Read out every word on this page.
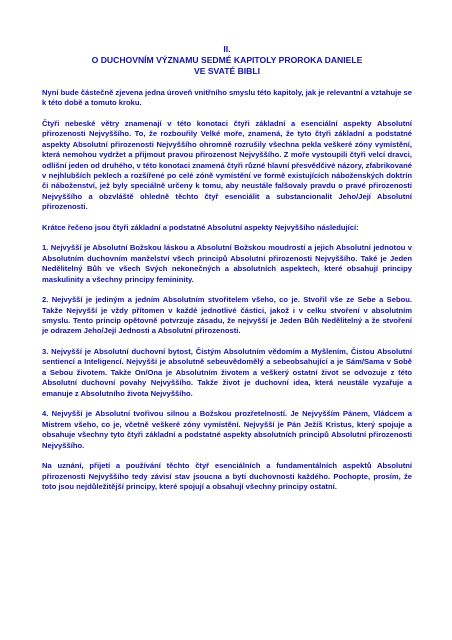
II.
O DUCHOVNÍM VÝZNAMU SEDMÉ KAPITOLY PROROKA DANIELE
VE SVATÉ BIBLI

Nyní bude částečně zjevena jedna úroveň vnitřního smyslu této kapitoly, jak je relevantní a vztahuje se k této době a tomuto kroku.

Čtyři nebeské větry znamenají v této konotaci čtyři základní a esenciální aspekty Absolutní přirozenosti Nejvyššího. To, že rozbouřily Velké moře, znamená, že tyto čtyři základní a podstatné aspekty Absolutní přirozenosti Nejvyššího ohromně rozrušily všechna pekla veškeré zóny vymístění, která nemohou vydržet a přijmout pravou přirozenost Nejvyššího. Z moře vystoupili čtyři velcí dravci, odlišní jeden od druhého, v této konotaci znamená čtyři různé hlavní přesvědčivé názory, zfabrikované v nejhlubších peklech a rozšířené po celé zóně vymístění ve formě existujících náboženských doktrín či náboženství, jež byly speciálně určeny k tomu, aby neustále falšovaly pravdu o pravé přirozenosti Nejvyššího a obzvláště ohledně těchto čtyř esenciálit a substancionalit Jeho/Její Absolutní přirozenosti.

Krátce řečeno jsou čtyři základní a podstatné Absolutní aspekty Nejvyššího následující:

1. Nejvyšší je Absolutní Božskou láskou a Absolutní Božskou moudrostí a jejich Absolutní jednotou v Absolutním duchovním manželství všech principů Absolutní přirozenosti Nejvyššího. Také je Jeden Nedělitelný Bůh ve všech Svých nekonečných a absolutních aspektech, které obsahují principy maskulinity a všechny principy femininity.

2. Nejvyšší je jediným a jedním Absolutním stvořitelem všeho, co je. Stvořil vše ze Sebe a Sebou. Takže Nejvyšší je vždy přítomen v každé jednotlivé částici, jakož i v celku stvoření v absolutním smyslu. Tento princip opětovně potvrzuje zásadu, že nejvyšší je Jeden Bůh Nedělitelný a že stvoření je odrazem Jeho/Její Jednosti a Absolutní přirozenosti.

3. Nejvyšší je Absolutní duchovní bytost, Čistým Absolutním vědomím a Myšlením, Čistou Absolutní sentiencí a Inteligencí. Nejvyšší je absolutně sebeuvědomělý a sebeobsahující a je Sám/Sama v Sobě a Sebou životem. Takže On/Ona je Absolutním životem a veškerý ostatní život se odvozuje z této Absolutní duchovní povahy Nejvyššího. Takže život je duchovní idea, která neustále vyzařuje a emanuje z Absolutního života Nejvyššího.

4. Nejvyšší je Absolutní tvořivou silnou a Božskou prozřetelností. Je Nejvyšším Pánem, Vládcem a Mistrem všeho, co je, včetně veškeré zóny vymístění. Nejvyšší je Pán Ježíš Kristus, který spojuje a obsahuje všechny tyto čtyři základní a podstatné aspekty absolutních principů Absolutní přirozenosti Nejvyššího.

Na uznání, přijetí a používání těchto čtyř esenciálních a fundamentálních aspektů Absolutní přirozenosti Nejvyššího tedy závisí stav jsoucna a bytí duchovnosti každého. Pochopte, prosím, že toto jsou nejdůležitější principy, které spojují a obsahují všechny principy ostatní.
